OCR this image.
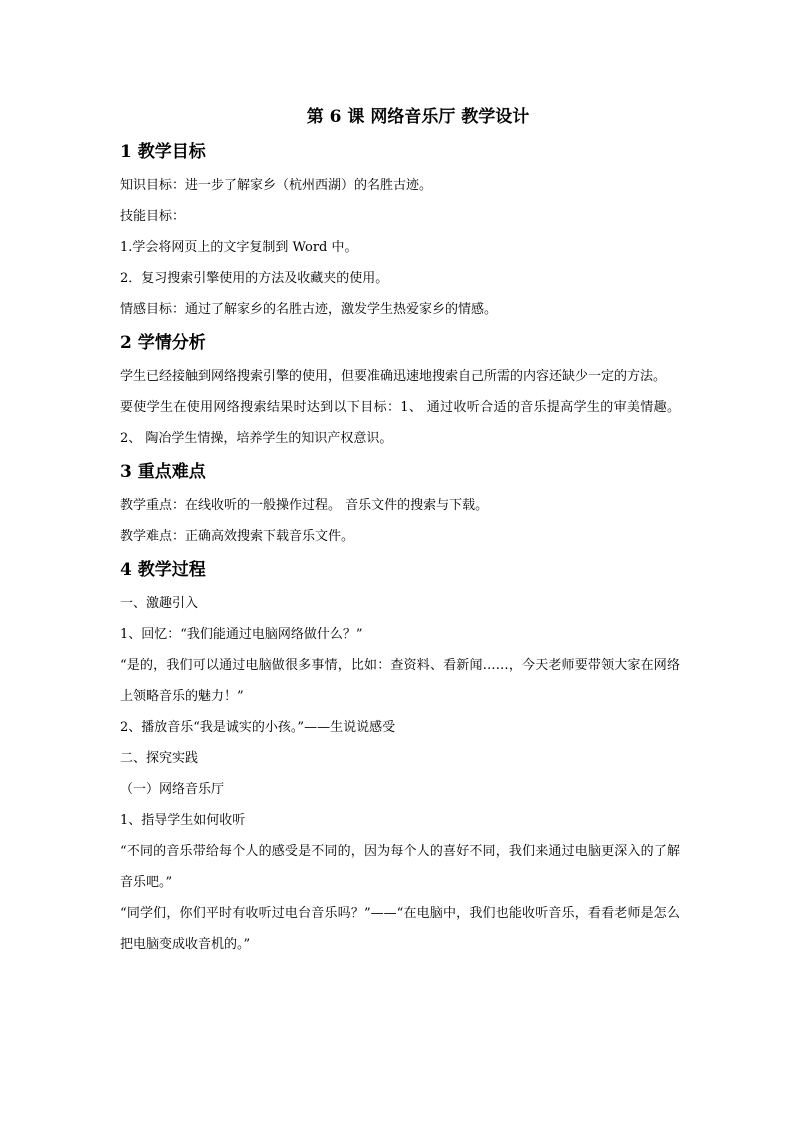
第 6 课 网络音乐厅 教学设计
1 教学目标

知识目标：进一步了解家乡（杭州西湖）的名胜古迹。

技能目标：

1.学会将网页上的文字复制到 Word 中。

2．复习搜索引擎使用的方法及收藏夹的使用。

情感目标：通过了解家乡的名胜古迹，激发学生热爱家乡的情感。

2 学情分析

学生已经接触到网络搜索引擎的使用，但要准确迅速地搜索自己所需的内容还缺少一定的方法。

要使学生在使用网络搜索结果时达到以下目标：1、 通过收听合适的音乐提高学生的审美情趣。2、 陶冶学生情操，培养学生的知识产权意识。

3 重点难点

教学重点：在线收听的一般操作过程。 音乐文件的搜索与下载。

教学难点：正确高效搜索下载音乐文件。

4 教学过程

一、激趣引入

1、回忆：“我们能通过电脑网络做什么？”

“是的，我们可以通过电脑做很多事情，比如：查资料、看新闻……，今天老师要带领大家在网络上领略音乐的魅力！”

2、播放音乐“我是诚实的小孩。”——生说说感受

二、探究实践

（一）网络音乐厅

1、指导学生如何收听

“不同的音乐带给每个人的感受是不同的，因为每个人的喜好不同，我们来通过电脑更深入的了解音乐吧。”

“同学们，你们平时有收听过电台音乐吗？”——“在电脑中，我们也能收听音乐，看看老师是怎么把电脑变成收音机的。”
